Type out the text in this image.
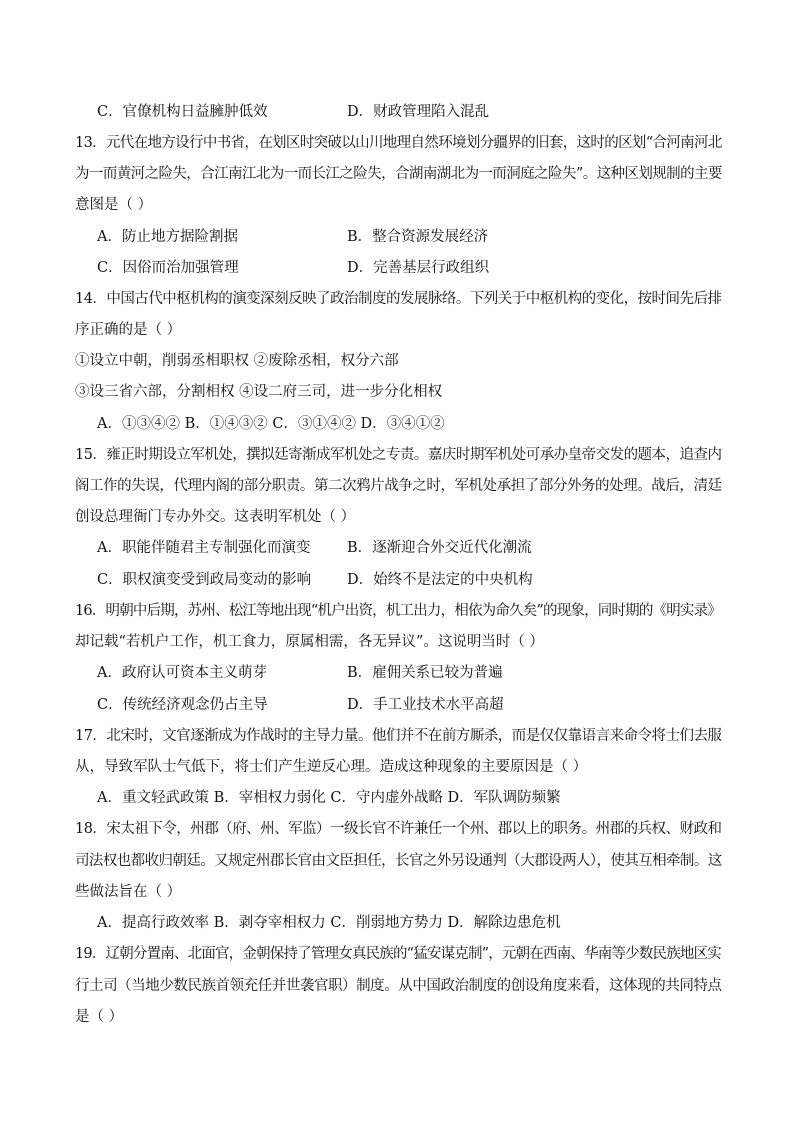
C．官僚机构日益臃肿低效	D．财政管理陷入混乱
13．元代在地方设行中书省，在划区时突破以山川地理自然环境划分疆界的旧套，这时的区划“合河南河北
为一而黄河之险失，合江南江北为一而长江之险失，合湖南湖北为一而洞庭之险失”。这种区划规制的主要
意图是（ ）
A．防止地方据险割据	B．整合资源发展经济
C．因俗而治加强管理	D．完善基层行政组织
14．中国古代中枢机构的演变深刻反映了政治制度的发展脉络。下列关于中枢机构的变化，按时间先后排
序正确的是（ ）
①设立中朝，削弱丞相职权 ②废除丞相，权分六部
③设三省六部，分割相权 ④设二府三司，进一步分化相权
A．①③④② B．①④③② C．③①④② D．③④①②
15．雍正时期设立军机处，撰拟廷寄渐成军机处之专责。嘉庆时期军机处可承办皇帝交发的题本，追查内
阁工作的失误，代理内阁的部分职责。第二次鸦片战争之时，军机处承担了部分外务的处理。战后，清廷
创设总理衙门专办外交。这表明军机处（ ）
A．职能伴随君主专制强化而演变	B．逐渐迎合外交近代化潮流
C．职权演变受到政局变动的影响 D．始终不是法定的中央机构
16．明朝中后期，苏州、松江等地出现“机户出资，机工出力，相依为命久矣”的现象，同时期的《明实录》
却记载“若机户工作，机工食力，原属相需，各无异议”。这说明当时（ ）
A．政府认可资本主义萌芽	B．雇佣关系已较为普遍
C．传统经济观念仍占主导	D．手工业技术水平高超
17．北宋时，文官逐渐成为作战时的主导力量。他们并不在前方厮杀，而是仅仅靠语言来命令将士们去服
从，导致军队士气低下，将士们产生逆反心理。造成这种现象的主要原因是（ ）
A．重文轻武政策 B．宰相权力弱化 C．守内虚外战略 D．军队调防频繁
18．宋太祖下令，州郡（府、州、军监）一级长官不许兼任一个州、郡以上的职务。州郡的兵权、财政和
司法权也都收归朝廷。又规定州郡长官由文臣担任，长官之外另设通判（大郡设两人），使其互相牵制。这
些做法旨在（ ）
A．提高行政效率 B．剥夺宰相权力 C．削弱地方势力 D．解除边患危机
19．辽朝分置南、北面官，金朝保持了管理女真民族的“猛安谋克制”，元朝在西南、华南等少数民族地区实
行土司（当地少数民族首领充任并世袭官职）制度。从中国政治制度的创设角度来看，这体现的共同特点
是（ ）
